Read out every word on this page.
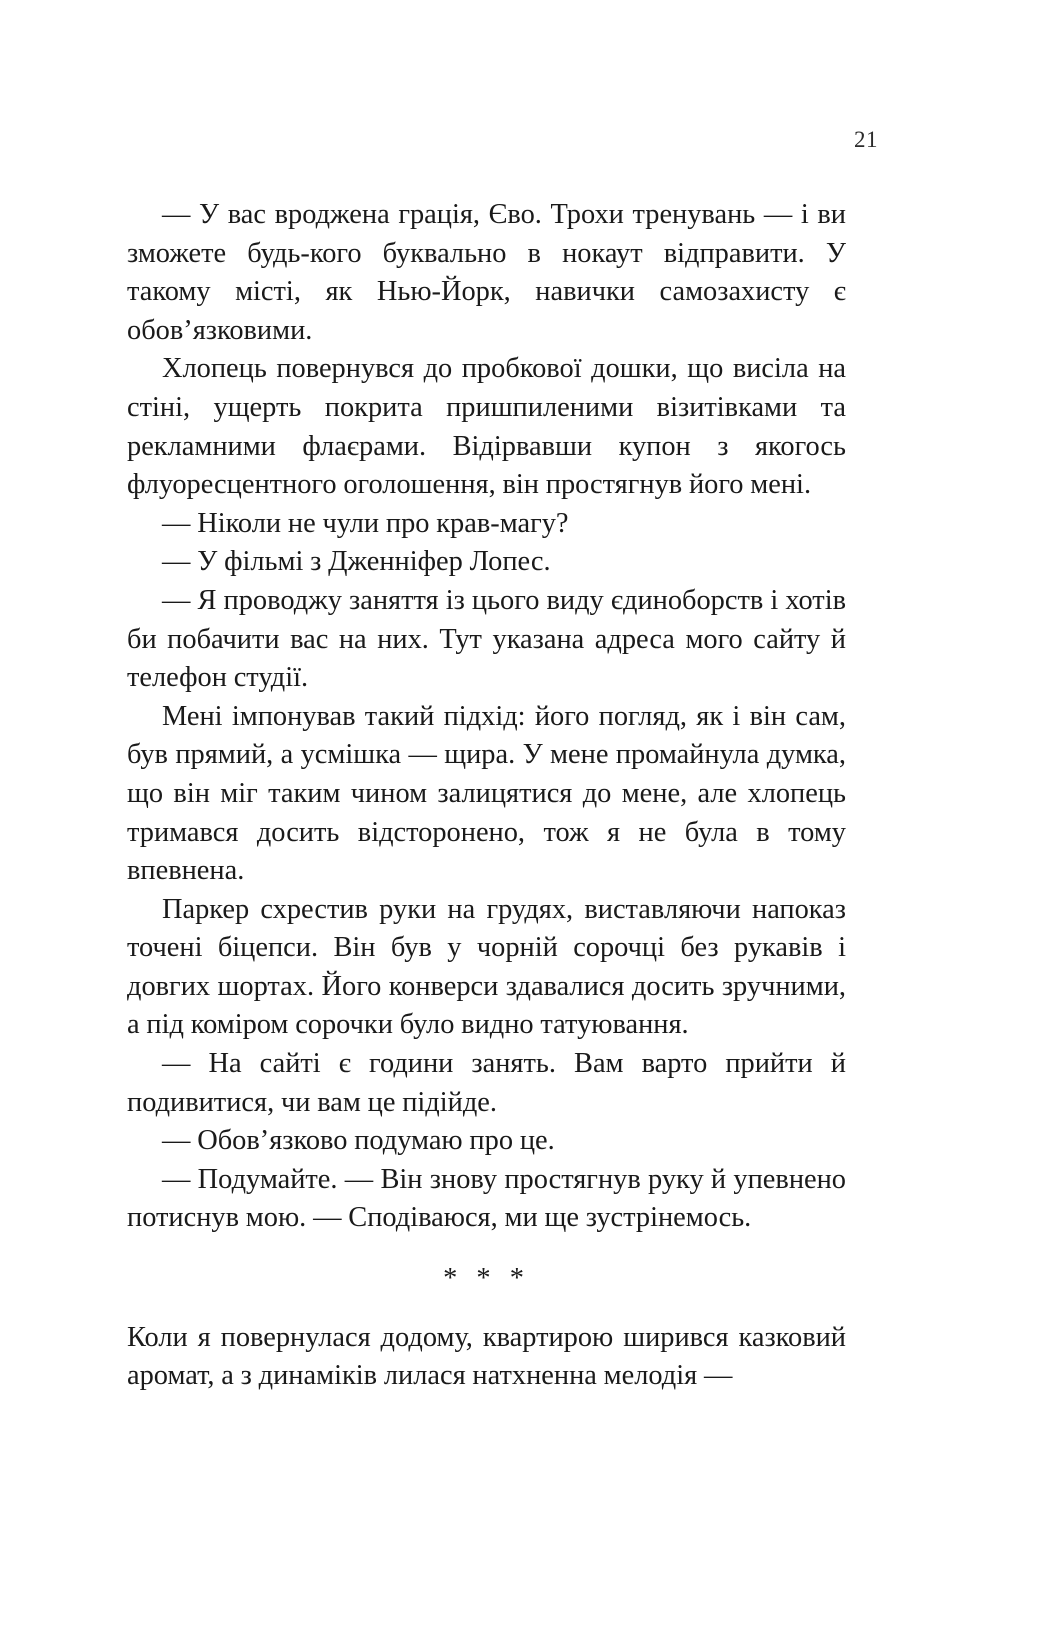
21

— У вас вроджена грація, Єво. Трохи тренувань — і ви зможете будь-кого буквально в нокаут відправити. У такому місті, як Нью-Йорк, навички самозахисту є обов’язковими.

Хлопець повернувся до пробкової дошки, що висіла на стіні, ущерть покрита пришпиленими візитівками та рекламними флаєрами. Відірвавши купон з якогось флуоресцентного оголошення, він простягнув його мені.

— Ніколи не чули про крав-магу?

— У фільмі з Дженніфер Лопес.

— Я проводжу заняття із цього виду єдиноборств і хотів би побачити вас на них. Тут указана адреса мого сайту й телефон студії.

Мені імпонував такий підхід: його погляд, як і він сам, був прямий, а усмішка — щира. У мене промайнула думка, що він міг таким чином залицятися до мене, але хлопець тримався досить відсторонено, тож я не була в тому впевнена.

Паркер схрестив руки на грудях, виставляючи напоказ точені біцепси. Він був у чорній сорочці без рукавів і довгих шортах. Його конверси здавалися досить зручними, а під коміром сорочки було видно татуювання.

— На сайті є години занять. Вам варто прийти й подивитися, чи вам це підійде.

— Обов’язково подумаю про це.

— Подумайте. — Він знову простягнув руку й упевнено потиснув мою. — Сподіваюся, ми ще зустрінемось.

* * *

Коли я повернулася додому, квартирою ширився казковий аромат, а з динаміків лилася натхненна мелодія —
